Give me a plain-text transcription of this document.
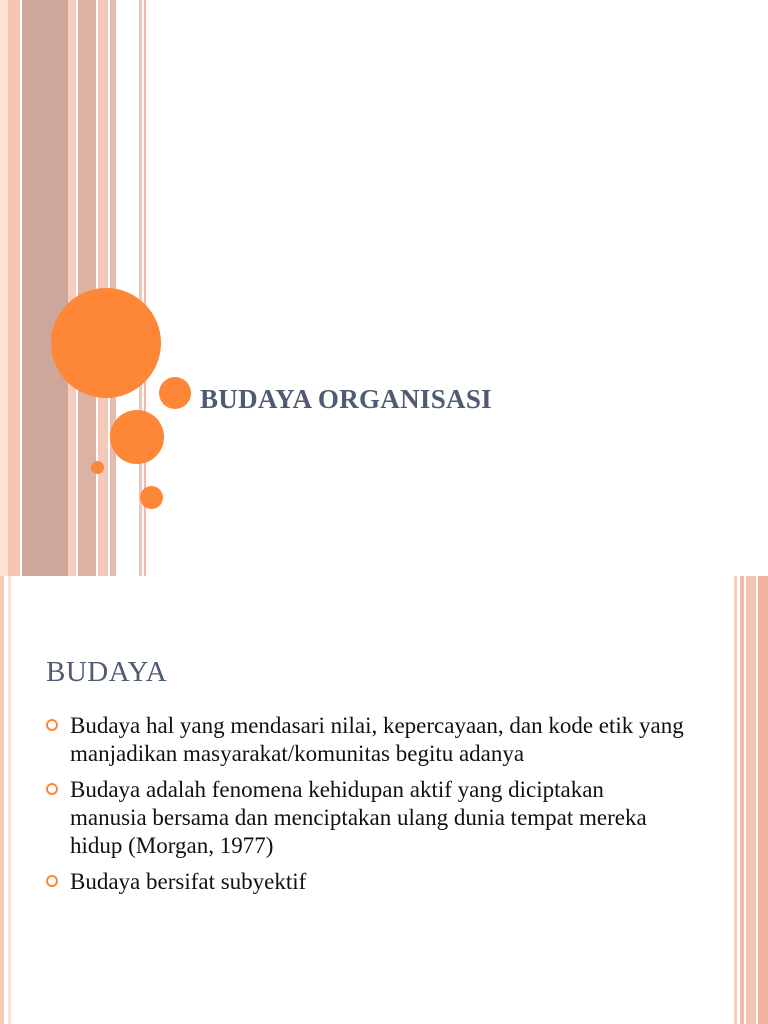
BUDAYA ORGANISASI
BUDAYA
Budaya hal yang mendasari nilai, kepercayaan, dan kode etik yang manjadikan masyarakat/komunitas begitu adanya
Budaya adalah fenomena kehidupan aktif yang diciptakan manusia bersama dan menciptakan ulang dunia tempat mereka hidup (Morgan, 1977)
Budaya bersifat subyektif
